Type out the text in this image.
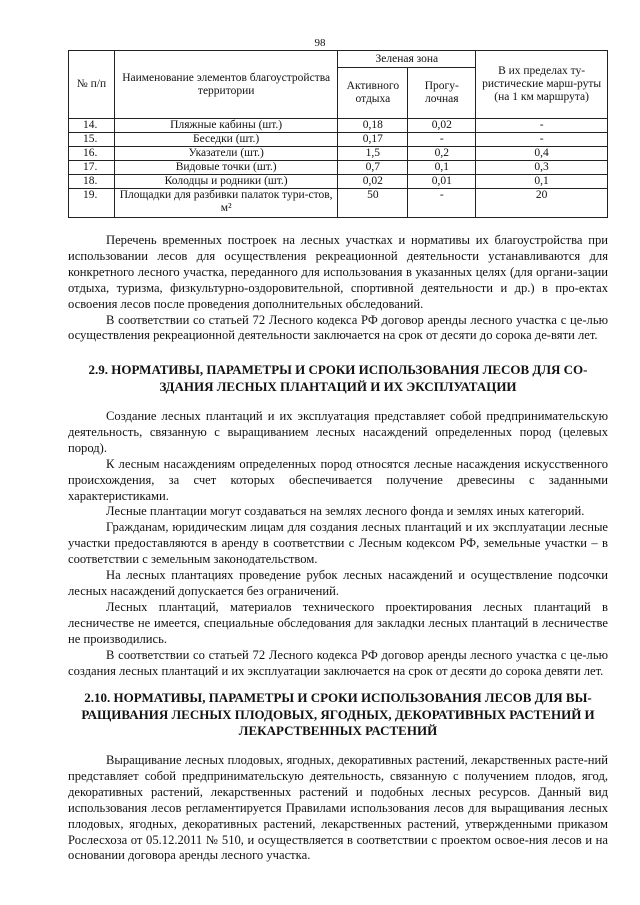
98
№ п/п	Наименование элементов благоустройства территории	Зеленая зона		В их пределах ту-ристические марш-руты (на 1 км маршрута)
		Активного отдыха	Прогу-лочная	
14.	Пляжные кабины (шт.)	0,18	0,02	-
15.	Беседки (шт.)	0,17	-	-
16.	Указатели (шт.)	1,5	0,2	0,4
17.	Видовые точки (шт.)	0,7	0,1	0,3
18.	Колодцы и родники (шт.)	0,02	0,01	0,1
19.	Площадки для разбивки палаток тури-стов, м²	50	-	20

Перечень временных построек на лесных участках и нормативы их благоустройства при использовании лесов для осуществления рекреационной деятельности устанавливаются для конкретного лесного участка, переданного для использования в указанных целях (для органи-зации отдыха, туризма, физкультурно-оздоровительной, спортивной деятельности и др.) в про-ектах освоения лесов после проведения дополнительных обследований.

В соответствии со статьей 72 Лесного кодекса РФ договор аренды лесного участка с це-лью осуществления рекреационной деятельности заключается на срок от десяти до сорока де-вяти лет.

2.9. НОРМАТИВЫ, ПАРАМЕТРЫ И СРОКИ ИСПОЛЬЗОВАНИЯ ЛЕСОВ ДЛЯ СО-ЗДАНИЯ ЛЕСНЫХ ПЛАНТАЦИЙ И ИХ ЭКСПЛУАТАЦИИ

Создание лесных плантаций и их эксплуатация представляет собой предпринимательскую деятельность, связанную с выращиванием лесных насаждений определенных пород (целевых пород).

К лесным насаждениям определенных пород относятся лесные насаждения искусственного происхождения, за счет которых обеспечивается получение древесины с заданными характеристиками.

Лесные плантации могут создаваться на землях лесного фонда и землях иных категорий.

Гражданам, юридическим лицам для создания лесных плантаций и их эксплуатации лесные участки предоставляются в аренду в соответствии с Лесным кодексом РФ, земельные участки – в соответствии с земельным законодательством.

На лесных плантациях проведение рубок лесных насаждений и осуществление подсочки лесных насаждений допускается без ограничений.

Лесных плантаций, материалов технического проектирования лесных плантаций в лесничестве не имеется, специальные обследования для закладки лесных плантаций в лесничестве не производились.

В соответствии со статьей 72 Лесного кодекса РФ договор аренды лесного участка с це-лью создания лесных плантаций и их эксплуатации заключается на срок от десяти до сорока девяти лет.

2.10. НОРМАТИВЫ, ПАРАМЕТРЫ И СРОКИ ИСПОЛЬЗОВАНИЯ ЛЕСОВ ДЛЯ ВЫ-РАЩИВАНИЯ ЛЕСНЫХ ПЛОДОВЫХ, ЯГОДНЫХ, ДЕКОРАТИВНЫХ РАСТЕНИЙ И ЛЕКАРСТВЕННЫХ РАСТЕНИЙ

Выращивание лесных плодовых, ягодных, декоративных растений, лекарственных расте-ний представляет собой предпринимательскую деятельность, связанную с получением плодов, ягод, декоративных растений, лекарственных растений и подобных лесных ресурсов. Данный вид использования лесов регламентируется Правилами использования лесов для выращивания лесных плодовых, ягодных, декоративных растений, лекарственных растений, утвержденными приказом Рослесхоза от 05.12.2011 № 510, и осуществляется в соответствии с проектом освое-ния лесов и на основании договора аренды лесного участка.
